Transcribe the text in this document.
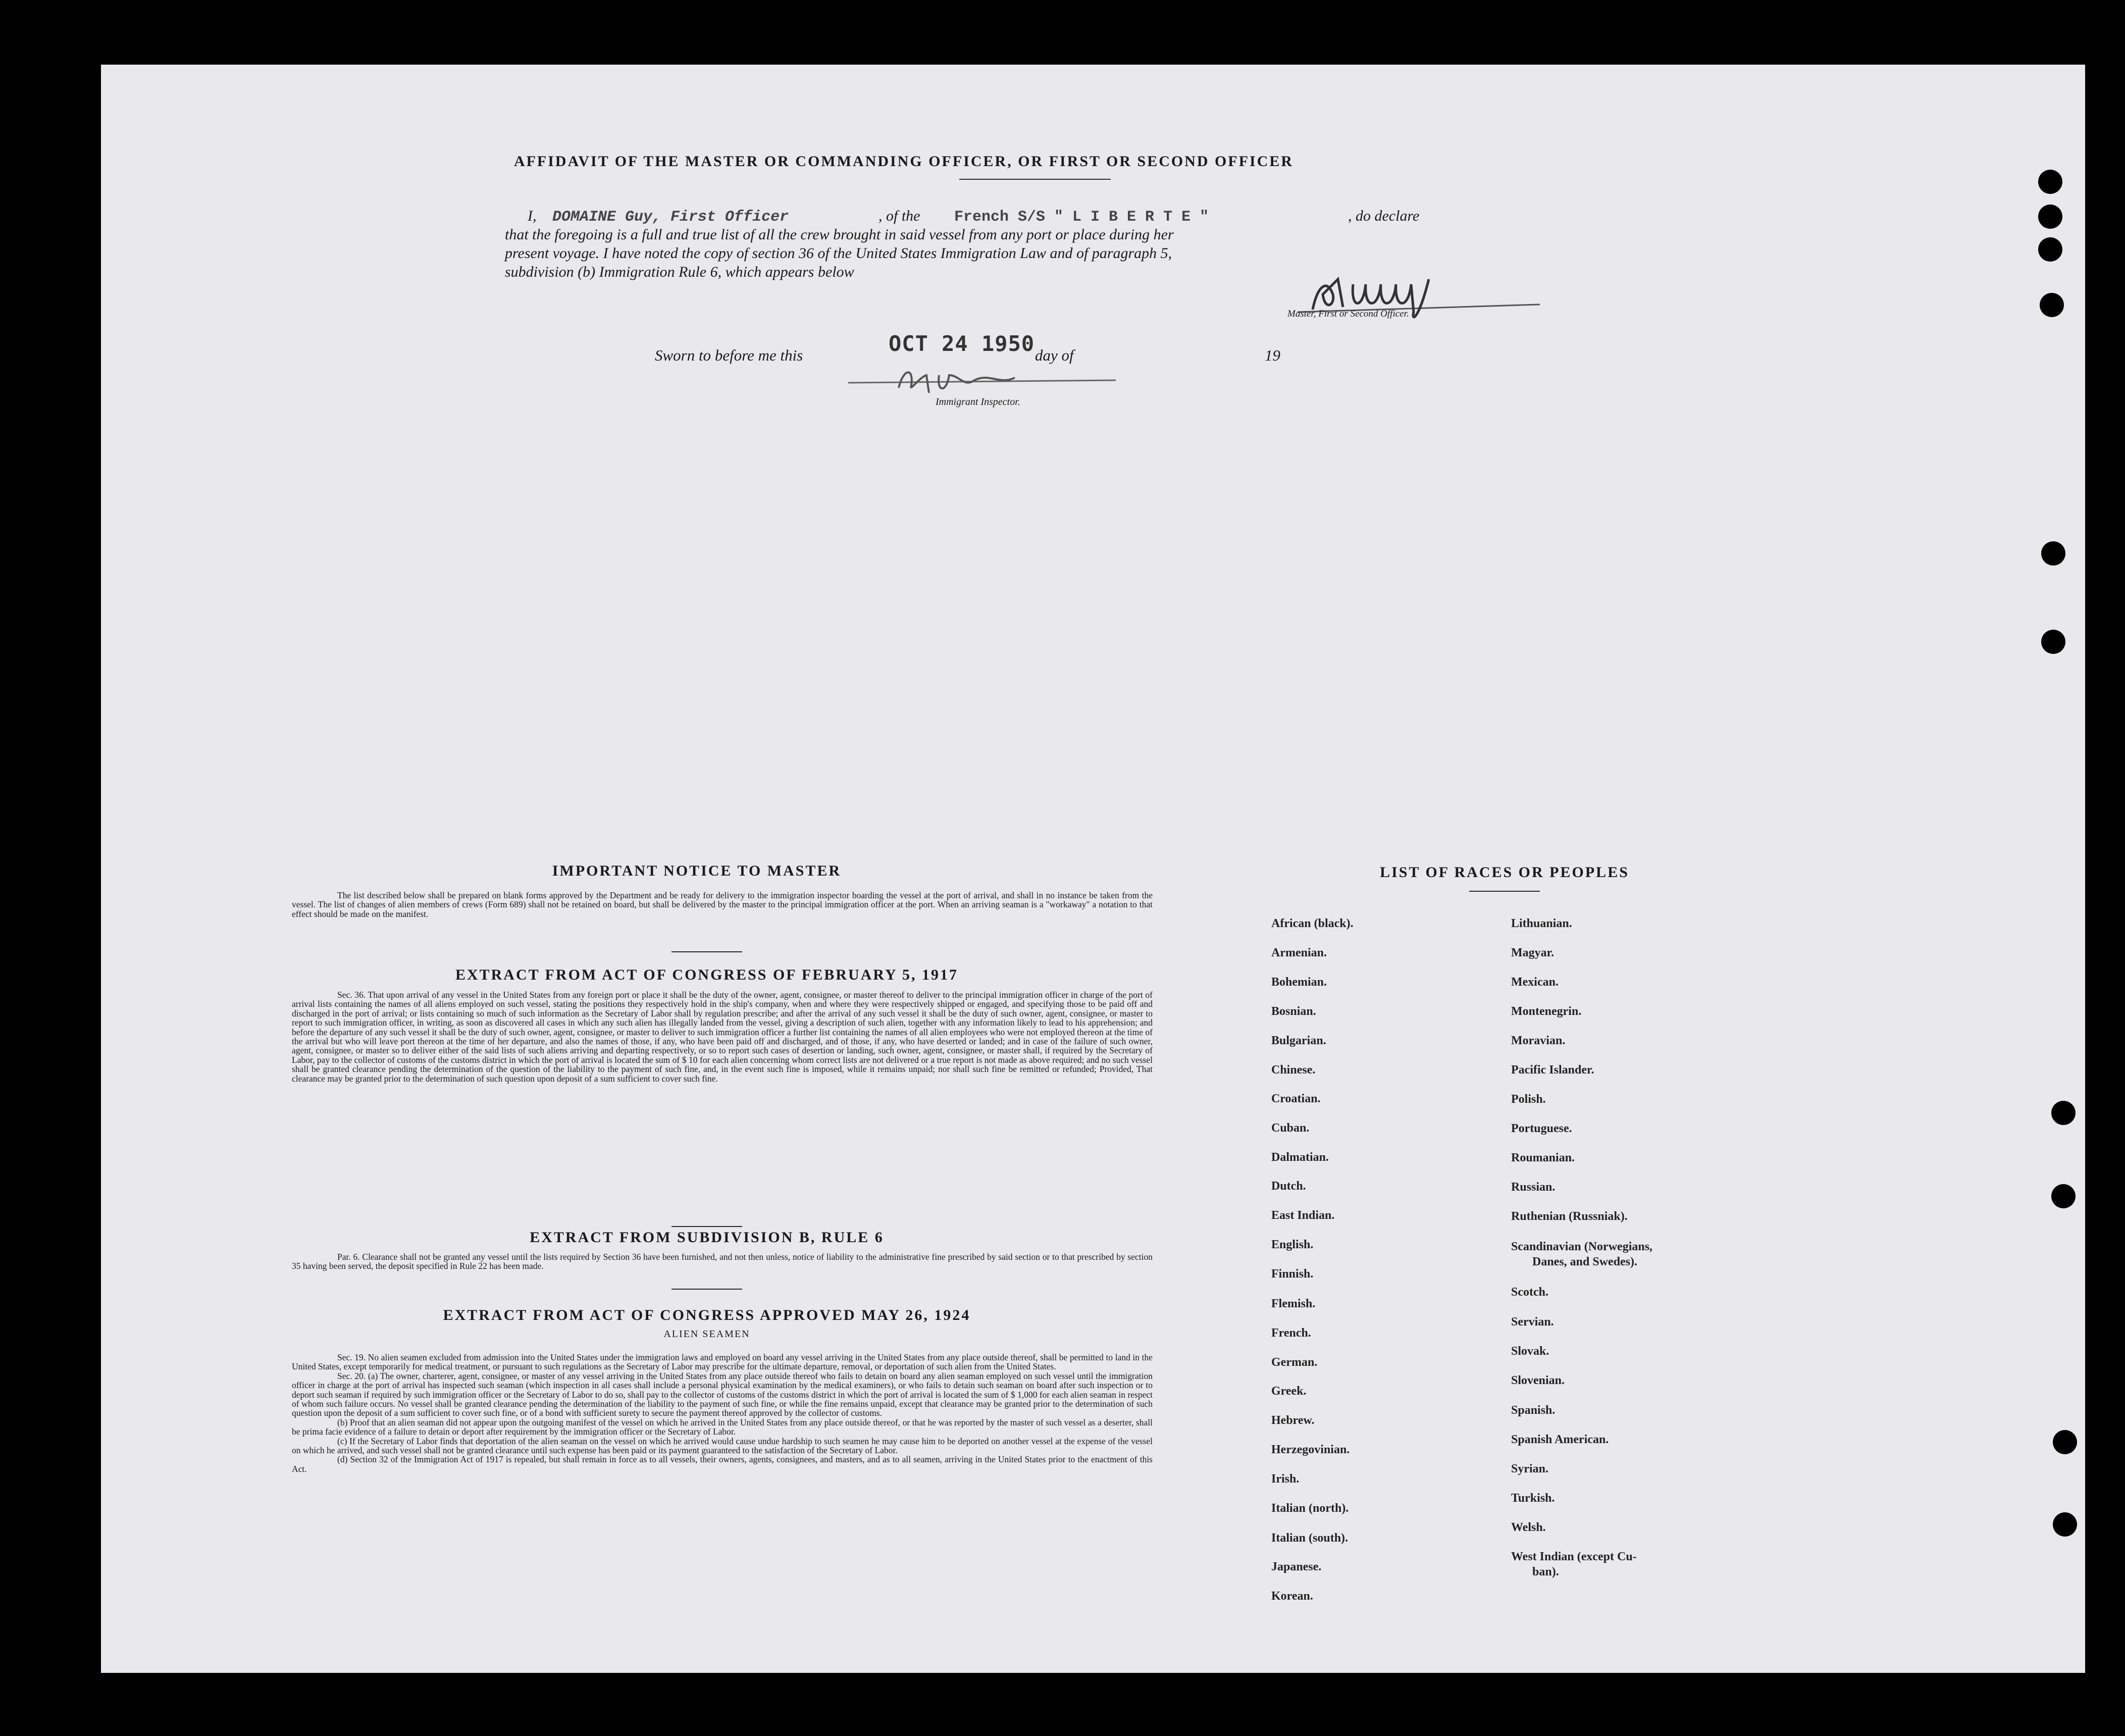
AFFIDAVIT OF THE MASTER OR COMMANDING OFFICER, OR FIRST OR SECOND OFFICER
I, DOMAINE Guy, First Officer	, of the French S/S " L I B E R T E "	, do declare
that the foregoing is a full and true list of all the crew brought in said vessel from any port or place during her
present voyage. I have noted the copy of section 36 of the United States Immigration Law and of paragraph 5,
subdivision (b) Immigration Rule 6, which appears below
Master, First or Second Officer.
Sworn to before me this	OCT 24 1950 day of	19
Immigrant Inspector.
IMPORTANT NOTICE TO MASTER

The list described below shall be prepared on blank forms approved by the Department and be ready for delivery to the immigration inspector boarding the vessel at the port of arrival, and shall in no instance be taken from the vessel. The list of changes of alien members of crews (Form 689) shall not be retained on board, but shall be delivered by the master to the principal immigration officer at the port. When an arriving seaman is a "workaway" a notation to that effect should be made on the manifest.

EXTRACT FROM ACT OF CONGRESS OF FEBRUARY 5, 1917

Sec. 36. That upon arrival of any vessel in the United States from any foreign port or place it shall be the duty of the owner, agent, consignee, or master thereof to deliver to the principal immigration officer in charge of the port of arrival lists containing the names of all aliens employed on such vessel, stating the positions they respectively hold in the ship's company, when and where they were respectively shipped or engaged, and specifying those to be paid off and discharged in the port of arrival; or lists containing so much of such information as the Secretary of Labor shall by regulation prescribe; and after the arrival of any such vessel it shall be the duty of such owner, agent, consignee, or master to report to such immigration officer, in writing, as soon as discovered all cases in which any such alien has illegally landed from the vessel, giving a description of such alien, together with any information likely to lead to his apprehension; and before the departure of any such vessel it shall be the duty of such owner, agent, consignee, or master to deliver to such immigration officer a further list containing the names of all alien employees who were not employed thereon at the time of the arrival but who will leave port thereon at the time of her departure, and also the names of those, if any, who have been paid off and discharged, and of those, if any, who have deserted or landed; and in case of the failure of such owner, agent, consignee, or master so to deliver either of the said lists of such aliens arriving and departing respectively, or so to report such cases of desertion or landing, such owner, agent, consignee, or master shall, if required by the Secretary of Labor, pay to the collector of customs of the customs district in which the port of arrival is located the sum of $ 10 for each alien concerning whom correct lists are not delivered or a true report is not made as above required; and no such vessel shall be granted clearance pending the determination of the question of the liability to the payment of such fine, and, in the event such fine is imposed, while it remains unpaid; nor shall such fine be remitted or refunded; Provided, That clearance may be granted prior to the determination of such question upon deposit of a sum sufficient to cover such fine.

EXTRACT FROM SUBDIVISION B, RULE 6

Par. 6. Clearance shall not be granted any vessel until the lists required by Section 36 have been furnished, and not then unless, notice of liability to the administrative fine prescribed by said section or to that prescribed by section 35 having been served, the deposit specified in Rule 22 has been made.

EXTRACT FROM ACT OF CONGRESS APPROVED MAY 26, 1924
ALIEN SEAMEN

Sec. 19. No alien seamen excluded from admission into the United States under the immigration laws and employed on board any vessel arriving in the United States from any place outside thereof, shall be permitted to land in the United States, except temporarily for medical treatment, or pursuant to such regulations as the Secretary of Labor may prescribe for the ultimate departure, removal, or deportation of such alien from the United States.

Sec. 20. (a) The owner, charterer, agent, consignee, or master of any vessel arriving in the United States from any place outside thereof who fails to detain on board any alien seaman employed on such vessel until the immigration officer in charge at the port of arrival has inspected such seaman (which inspection in all cases shall include a personal physical examination by the medical examiners), or who fails to detain such seaman on board after such inspection or to deport such seaman if required by such immigration officer or the Secretary of Labor to do so, shall pay to the collector of customs of the customs district in which the port of arrival is located the sum of $ 1,000 for each alien seaman in respect of whom such failure occurs. No vessel shall be granted clearance pending the determination of the liability to the payment of such fine, or while the fine remains unpaid, except that clearance may be granted prior to the determination of such question upon the deposit of a sum sufficient to cover such fine, or of a bond with sufficient surety to secure the payment thereof approved by the collector of customs.

(b) Proof that an alien seaman did not appear upon the outgoing manifest of the vessel on which he arrived in the United States from any place outside thereof, or that he was reported by the master of such vessel as a deserter, shall be prima facie evidence of a failure to detain or deport after requirement by the immigration officer or the Secretary of Labor.

(c) If the Secretary of Labor finds that deportation of the alien seaman on the vessel on which he arrived would cause undue hardship to such seamen he may cause him to be deported on another vessel at the expense of the vessel on which he arrived, and such vessel shall not be granted clearance until such expense has been paid or its payment guaranteed to the satisfaction of the Secretary of Labor.

(d) Section 32 of the Immigration Act of 1917 is repealed, but shall remain in force as to all vessels, their owners, agents, consignees, and masters, and as to all seamen, arriving in the United States prior to the enactment of this Act.

LIST OF RACES OR PEOPLES
African (black).
Armenian.
Bohemian.
Bosnian.
Bulgarian.
Chinese.
Croatian.
Cuban.
Dalmatian.
Dutch.
East Indian.
English.
Finnish.
Flemish.
French.
German.
Greek.
Hebrew.
Herzegovinian.
Irish.
Italian (north).
Italian (south).
Japanese.
Korean.
Lithuanian.
Magyar.
Mexican.
Montenegrin.
Moravian.
Pacific Islander.
Polish.
Portuguese.
Roumanian.
Russian.
Ruthenian (Russniak).
Scandinavian (Norwegians,
Danes, and Swedes).
Scotch.
Servian.
Slovak.
Slovenian.
Spanish.
Spanish American.
Syrian.
Turkish.
Welsh.
West Indian (except Cu-
ban).
